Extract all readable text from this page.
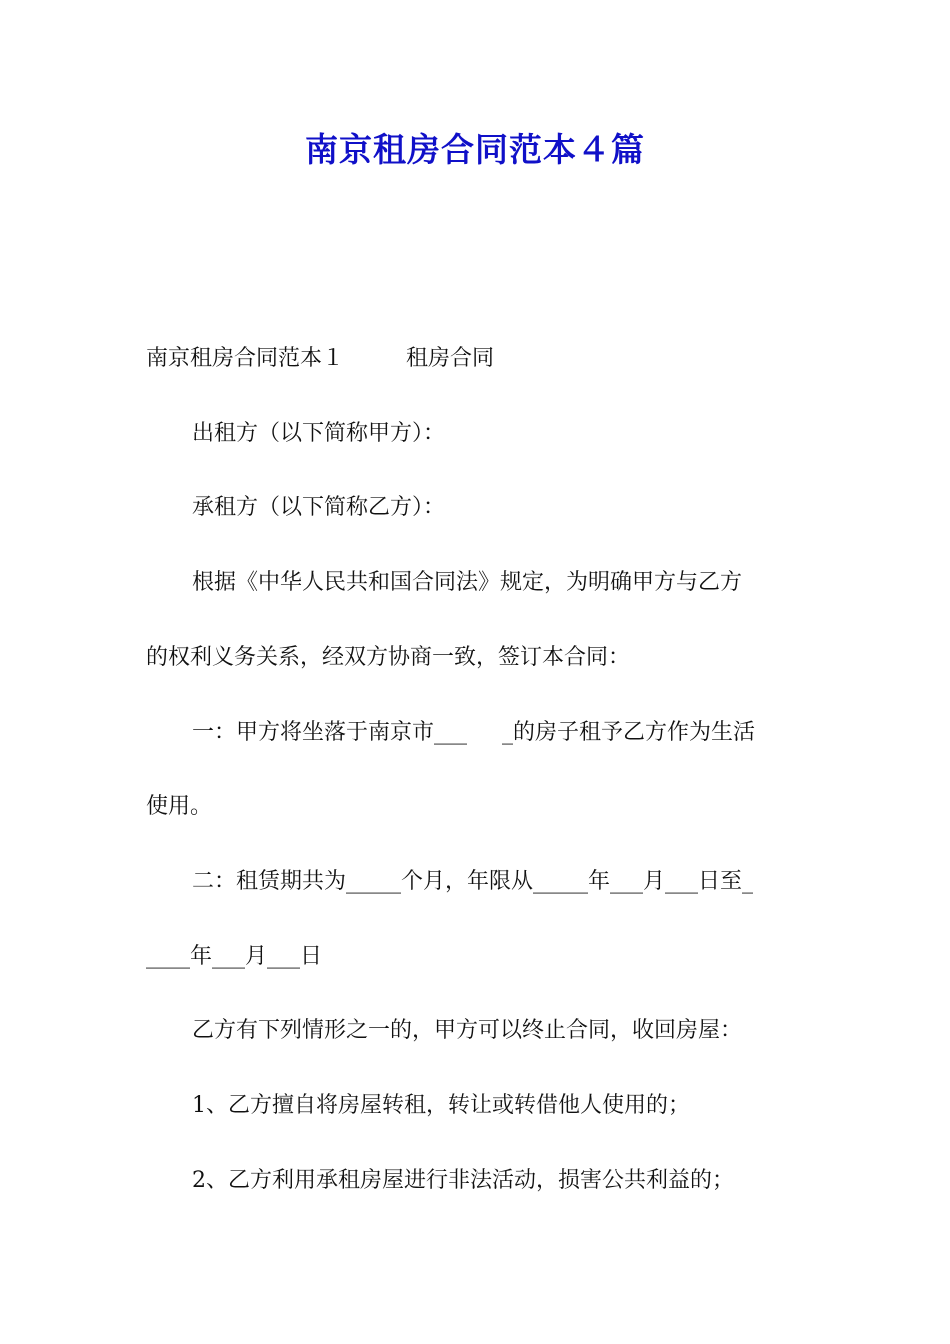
南京租房合同范本４篇
南京租房合同范本１	租房合同
出租方（以下简称甲方）：
承租方（以下简称乙方）：
根据《中华人民共和国合同法》规定，为明确甲方与乙方
的权利义务关系，经双方协商一致，签订本合同：
一：甲方将坐落于南京市___     _的房子租予乙方作为生活
使用。
二：租赁期共为_____个月，年限从_____年___月___日至_
____年___月___日
乙方有下列情形之一的，甲方可以终止合同，收回房屋：
1、乙方擅自将房屋转租，转让或转借他人使用的；
2、乙方利用承租房屋进行非法活动，损害公共利益的；
